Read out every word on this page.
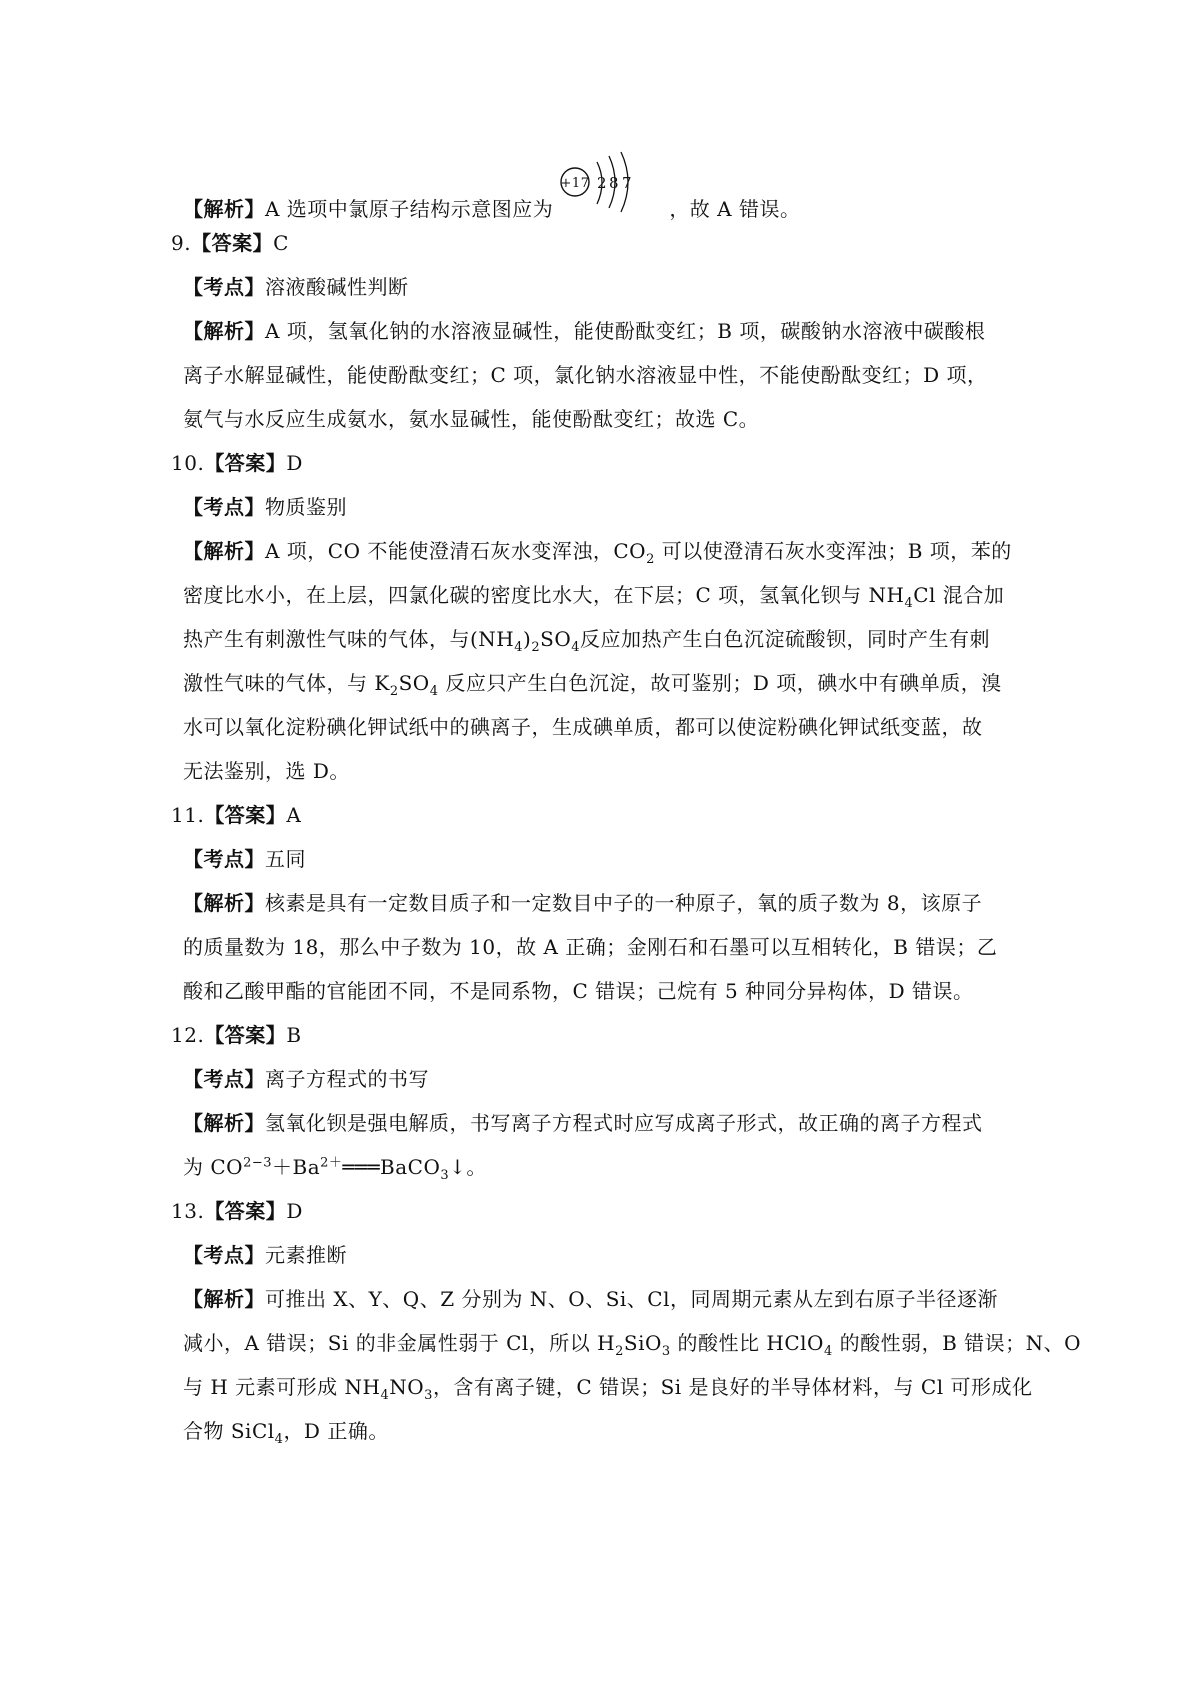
【解析】A 选项中氯原子结构示意图应为
+17 2 8 7
，故 A 错误。
9.【答案】C
【考点】溶液酸碱性判断
【解析】A 项，氢氧化钠的水溶液显碱性，能使酚酞变红；B 项，碳酸钠水溶液中碳酸根
离子水解显碱性，能使酚酞变红；C 项，氯化钠水溶液显中性，不能使酚酞变红；D 项，
氨气与水反应生成氨水，氨水显碱性，能使酚酞变红；故选 C。
10.【答案】D
【考点】物质鉴别
【解析】A 项，CO 不能使澄清石灰水变浑浊，$CO_2$ 可以使澄清石灰水变浑浊；B 项，苯的
密度比水小，在上层，四氯化碳的密度比水大，在下层；C 项，氢氧化钡与 $NH_4Cl$ 混合加
热产生有刺激性气味的气体，与$(NH_4)_2SO_4$反应加热产生白色沉淀硫酸钡，同时产生有刺
激性气味的气体，与 $K_2SO_4$ 反应只产生白色沉淀，故可鉴别；D 项，碘水中有碘单质，溴
水可以氧化淀粉碘化钾试纸中的碘离子，生成碘单质，都可以使淀粉碘化钾试纸变蓝，故
无法鉴别，选 D。
11.【答案】A
【考点】五同
【解析】核素是具有一定数目质子和一定数目中子的一种原子，氧的质子数为 8，该原子
的质量数为 18，那么中子数为 10，故 A 正确；金刚石和石墨可以互相转化，B 错误；乙
酸和乙酸甲酯的官能团不同，不是同系物，C 错误；己烷有 5 种同分异构体，D 错误。
12.【答案】B
【考点】离子方程式的书写
【解析】氢氧化钡是强电解质，书写离子方程式时应写成离子形式，故正确的离子方程式
为 $CO^{2-3}+Ba^{2+}═══BaCO_3↓$。
13.【答案】D
【考点】元素推断
【解析】可推出 X、Y、Q、Z 分别为 N、O、Si、Cl，同周期元素从左到右原子半径逐渐
减小，A 错误；Si 的非金属性弱于 Cl，所以 $H_2SiO_3$ 的酸性比 HClO$_4$ 的酸性弱，B 错误；N、O
与 H 元素可形成 $NH_4NO_3$，含有离子键，C 错误；Si 是良好的半导体材料，与 Cl 可形成化
合物 SiCl$_4$，D 正确。
